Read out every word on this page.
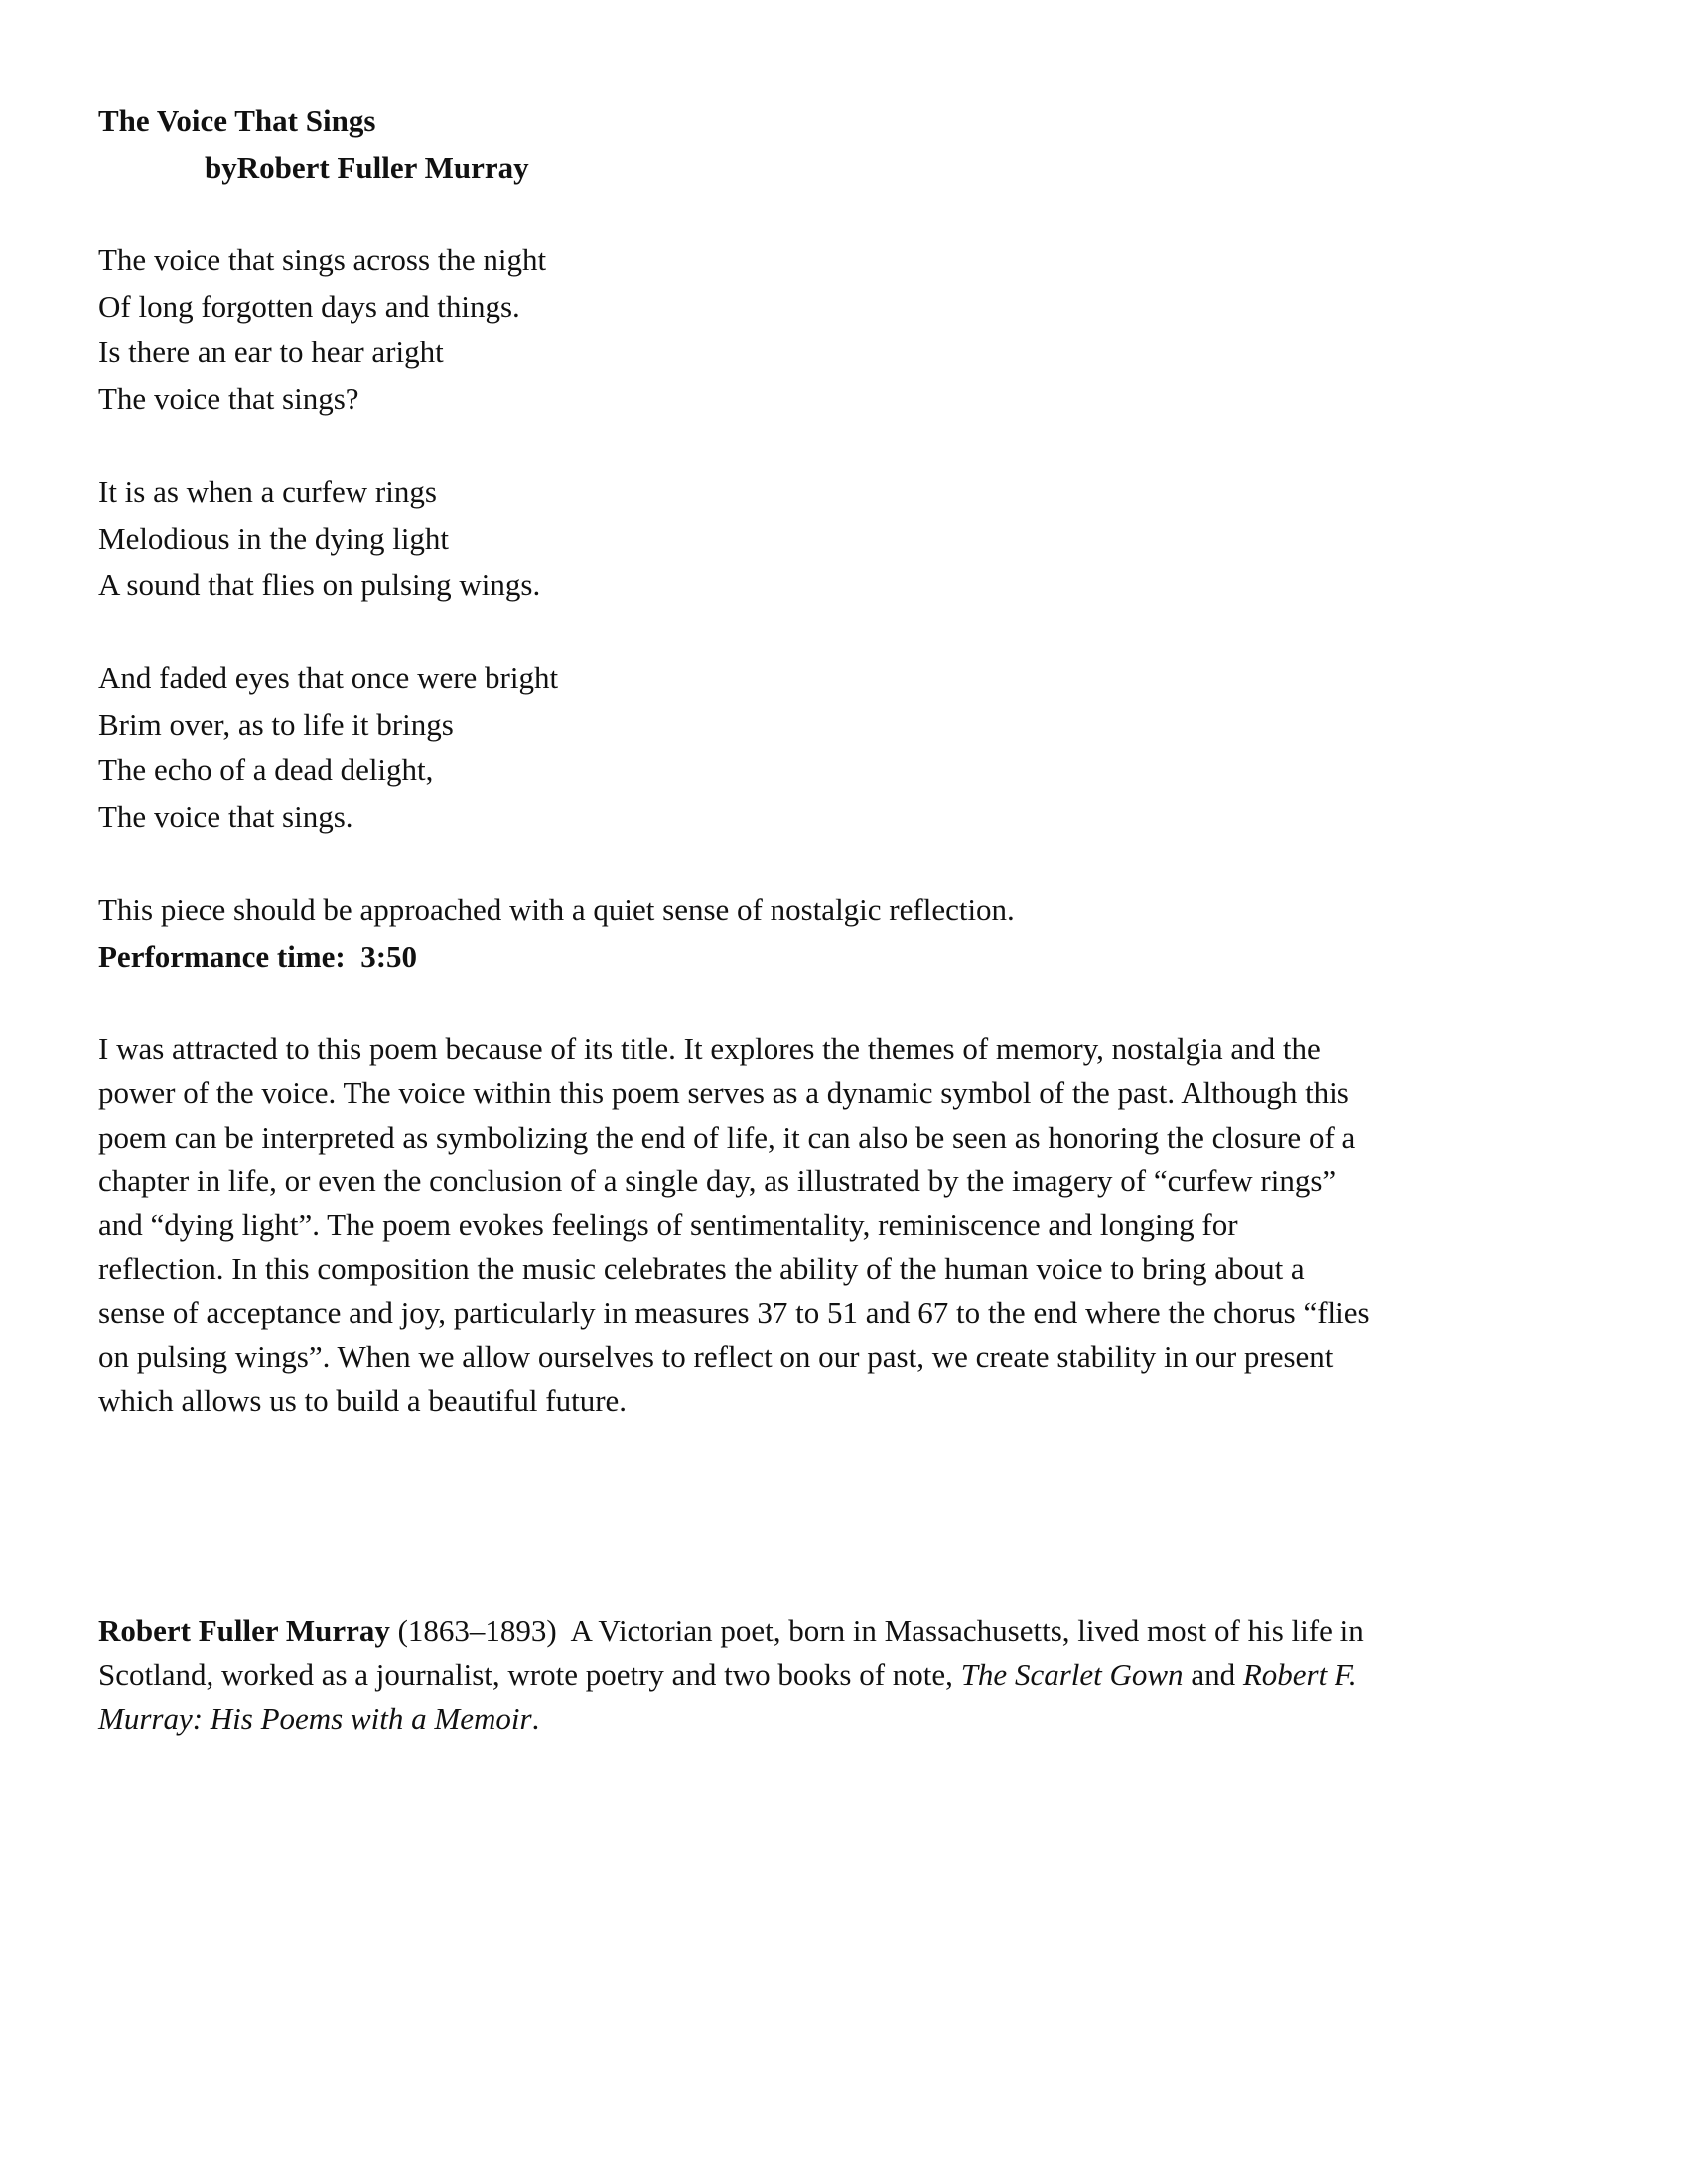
The Voice That Sings
byRobert Fuller Murray
The voice that sings across the night
Of long forgotten days and things.
Is there an ear to hear aright
The voice that sings?
It is as when a curfew rings
Melodious in the dying light
A sound that flies on pulsing wings.
And faded eyes that once were bright
Brim over, as to life it brings
The echo of a dead delight,
The voice that sings.
This piece should be approached with a quiet sense of nostalgic reflection.
Performance time: 3:50
I was attracted to this poem because of its title. It explores the themes of memory, nostalgia and the
power of the voice. The voice within this poem serves as a dynamic symbol of the past. Although this
poem can be interpreted as symbolizing the end of life, it can also be seen as honoring the closure of a
chapter in life, or even the conclusion of a single day, as illustrated by the imagery of “curfew rings”
and “dying light”. The poem evokes feelings of sentimentality, reminiscence and longing for
reflection. In this composition the music celebrates the ability of the human voice to bring about a
sense of acceptance and joy, particularly in measures 37 to 51 and 67 to the end where the chorus “flies
on pulsing wings”. When we allow ourselves to reflect on our past, we create stability in our present
which allows us to build a beautiful future.
Robert Fuller Murray (1863–1893)  A Victorian poet, born in Massachusetts, lived most of his life in
Scotland, worked as a journalist, wrote poetry and two books of note, The Scarlet Gown and Robert F.
Murray: His Poems with a Memoir.
